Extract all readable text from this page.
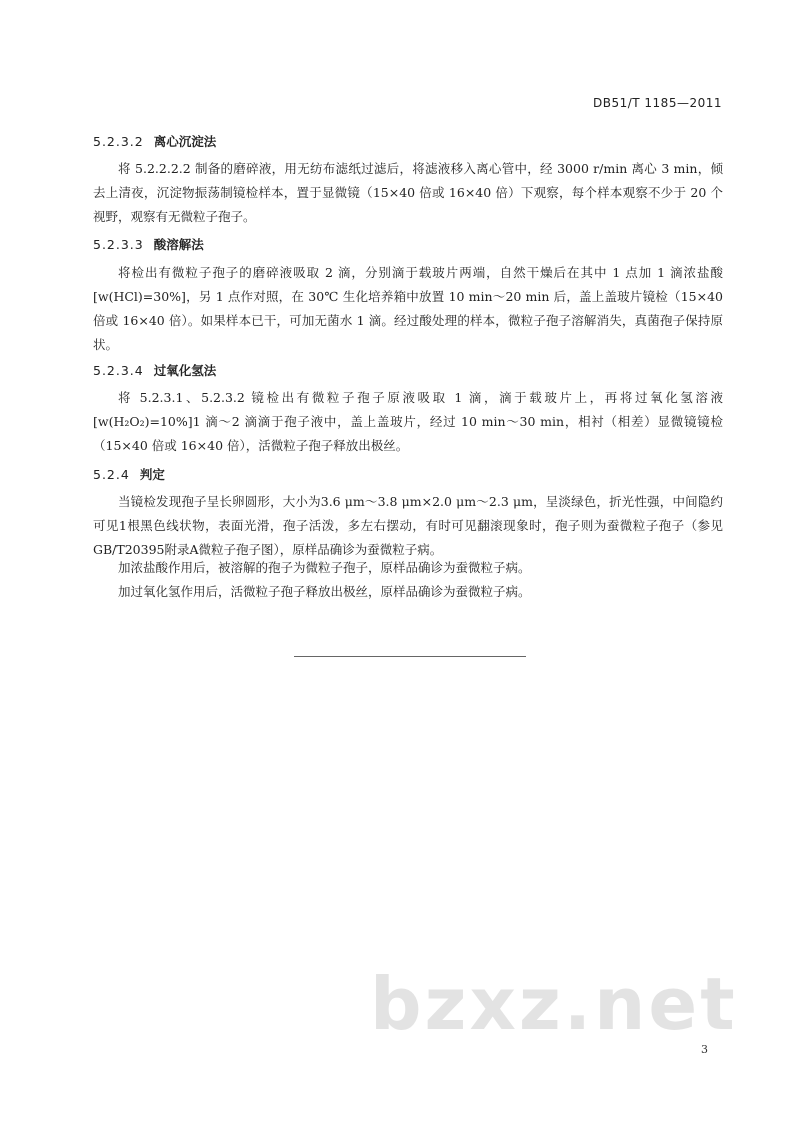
DB51/T 1185—2011
5.2.3.2 离心沉淀法

将 5.2.2.2.2 制备的磨碎液，用无纺布滤纸过滤后，将滤液移入离心管中，经 3000 r/min 离心 3 min，倾去上清夜，沉淀物振荡制镜检样本，置于显微镜（15×40 倍或 16×40 倍）下观察，每个样本观察不少于 20 个视野，观察有无微粒子孢子。

5.2.3.3 酸溶解法

将检出有微粒子孢子的磨碎液吸取 2 滴，分别滴于载玻片两端，自然干燥后在其中 1 点加 1 滴浓盐酸[w(HCl)=30%]，另 1 点作对照，在 30℃ 生化培养箱中放置 10 min～20 min 后，盖上盖玻片镜检（15×40 倍或 16×40 倍）。如果样本已干，可加无菌水 1 滴。经过酸处理的样本，微粒子孢子溶解消失，真菌孢子保持原状。

5.2.3.4 过氧化氢法

将 5.2.3.1、5.2.3.2 镜检出有微粒子孢子原液吸取 1 滴，滴于载玻片上，再将过氧化氢溶液[w(H₂O₂)=10%]1 滴～2 滴滴于孢子液中，盖上盖玻片，经过 10 min～30 min，相衬（相差）显微镜镜检（15×40 倍或 16×40 倍），活微粒子孢子释放出极丝。

5.2.4 判定

当镜检发现孢子呈长卵圆形，大小为3.6 μm～3.8 μm×2.0 μm～2.3 μm，呈淡绿色，折光性强，中间隐约可见1根黑色线状物，表面光滑，孢子活泼，多左右摆动，有时可见翻滚现象时，孢子则为蚕微粒子孢子（参见GB/T20395附录A微粒子孢子图），原样品确诊为蚕微粒子病。

加浓盐酸作用后，被溶解的孢子为微粒子孢子，原样品确诊为蚕微粒子病。

加过氧化氢作用后，活微粒子孢子释放出极丝，原样品确诊为蚕微粒子病。

bzxz.net
3
